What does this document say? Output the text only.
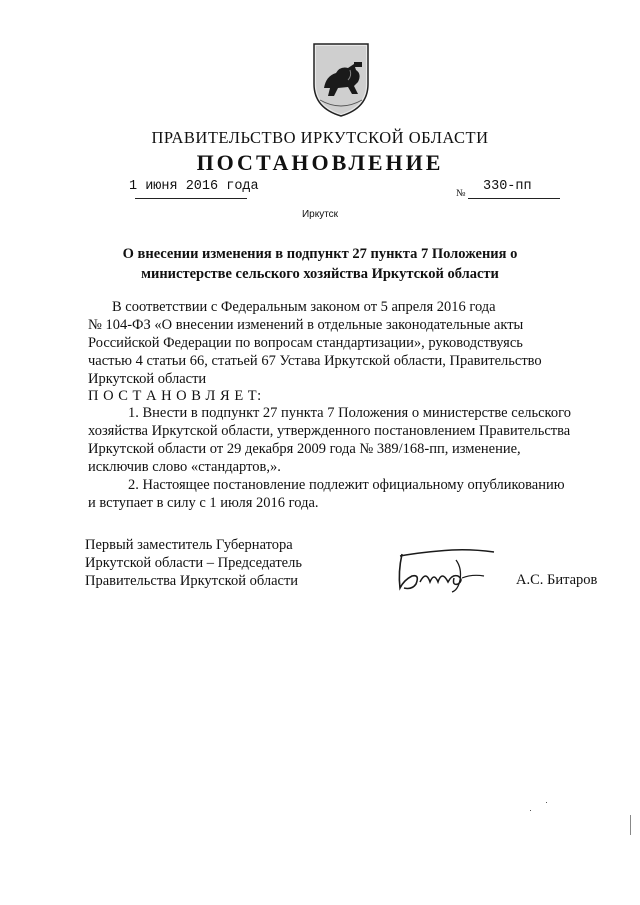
ПРАВИТЕЛЬСТВО ИРКУТСКОЙ ОБЛАСТИ
ПОСТАНОВЛЕНИЕ
1 июня 2016 года	№ 330-пп
Иркутск
О внесении изменения в подпункт 27 пункта 7 Положения о
министерстве сельского хозяйства Иркутской области
В соответствии с Федеральным законом от 5 апреля 2016 года
№ 104-ФЗ «О внесении изменений в отдельные законодательные акты
Российской Федерации по вопросам стандартизации», руководствуясь
частью 4 статьи 66, статьей 67 Устава Иркутской области, Правительство
Иркутской области
П О С Т А Н О В Л Я Е Т:
1. Внести в подпункт 27 пункта 7 Положения о министерстве сельского
хозяйства Иркутской области, утвержденного постановлением Правительства
Иркутской области от 29 декабря 2009 года № 389/168-пп, изменение,
исключив слово «стандартов,».
2. Настоящее постановление подлежит официальному опубликованию
и вступает в силу с 1 июля 2016 года.
Первый заместитель Губернатора
Иркутской области – Председатель
Правительства Иркутской области	А.С. Битаров
